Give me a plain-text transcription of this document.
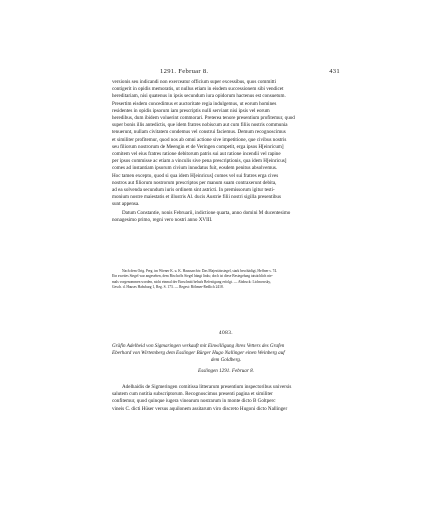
1291. Februar 8.	431
versionis seu indicandi non exerceatur officium super excessibus, quos committi
contigerit in opidis memoratis, ut nullus etiam in eisdem successionem sibi vendicet
hereditariam, nisi quatenus in ipsis secundum iura opidorum hactenus est consuetum.
Presertim eisdem concedimus et auctoritate regia indulgemus, ut eorum homines
residentes in opidis ipsorum iam prescriptis nulli serviant nisi ipsis vel eorum
heredibus, dum ibidem voluerint commorari. Preterea tenore presentium profitemur, quod
super bonis illis antedictis, que idem fratres nobiscum aut cum filiis nostris communia
tenuerunt, nullam civitatem condemus vel construi faciemus. Demum recognoscimus
et similiter profitemur, quod nos ab omni actione sive impetitione, que civibus nostris
seu filiorum nostrorum de Meengin et de Veringen competit, erga ipsos H[einricum]
comitem vel eius fratres ratione debitorum patris sui aut ratione incendii vel rapine
per ipsos commisse ac etiam a vinculis sive pena prescriptionis, qua idem H[einricus]
comes ad instantiam ipsorum civium innodatus fuit, eosdem penitus absolvemus.
Hoc tamen excepto, quod si qua idem H[einricus] comes vel sui fratres erga cives
nostros aut filiorum nostrorum prescriptos per manum suam contraxerunt debita,
ad ea solvenda secundum iuris ordinem sint astricti. In premissorum igitur testi-
monium nostre maiestatis et illustris Al. ducis Austrie filii nostri sigilla presentibus
sunt appensa.
Datum Constantie, nonis Februarii, indictione quarta, anno domini M ducentesimo
nonagesimo primo, regni vero nostri anno XVIII.
Nach dem Orig. Perg. im Wiener K. u. K. Haussarchiv. Das Majestätssiegel, stark beschädigt, Heffner s. 74.
Ein zweites Siegel war angesehen, dem Bischoffs Siegel hängt links; doch ist diese Besiegelung tatsächlich nie-
mals vorgenommen worden, nicht einmal der Einschnitt behufs Befestigung erfolgt. — Abdruck: Lichnowsky,
Gesch. d. Hauses Habsburg 1, Reg. S. 173. — Regest: Böhmer-Redlich 2418.
4083.
Gräfin Adelheid von Sigmaringen verkauft mit Einwilligung ihres Vetters des Grafen
Eberhard von Wirtemberg dem Esslinger Bürger Hugo Nallinger einen Weinberg auf
dem Goldberg.
Esslingen 1291. Februar 8.
Adelhaidis de Sigmeringen comitissa litterarum presentium inspectoribus universis
salutem cum notitia subscriptorum. Recognoscimus presenti pagina et similiter
confitemur, quod quinque iugera vinearum nostrarum in monte dicto B Goltperc
vineis C. dicti Hüser versus aquilonem assitarum viro discreto Hugoni dicto Nallinger
